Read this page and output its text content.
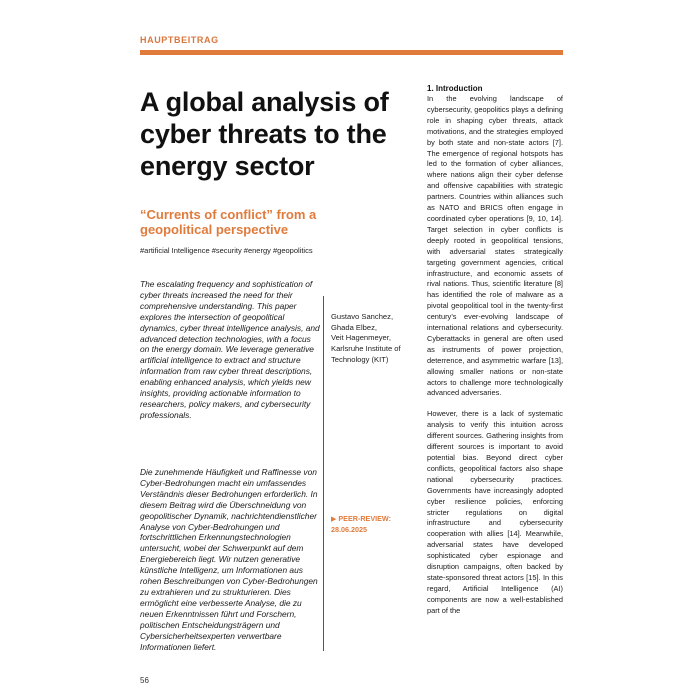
HAUPTBEITRAG
A global analysis of cyber threats to the energy sector
“Currents of conflict” from a geopolitical perspective
#artificial Intelligence #security #energy #geopolitics

The escalating frequency and sophistication of cyber threats increased the need for their comprehensive understanding. This paper explores the intersection of geopolitical dynamics, cyber threat intelligence analysis, and advanced detection technologies, with a focus on the energy domain. We leverage generative artificial intelligence to extract and structure information from raw cyber threat descriptions, enabling enhanced analysis, which yields new insights, providing actionable information to researchers, policy makers, and cybersecurity professionals.

Die zunehmende Häufigkeit und Raffinesse von Cyber-Bedrohungen macht ein umfassendes Verständnis dieser Bedrohungen erforderlich. In diesem Beitrag wird die Überschneidung von geopolitischer Dynamik, nachrichtendienstlicher Analyse von Cyber-Bedrohungen und fortschrittlichen Erkennungstechnologien untersucht, wobei der Schwerpunkt auf dem Energiebereich liegt. Wir nutzen generative künstliche Intelligenz, um Informationen aus rohen Beschreibungen von Cyber-Bedrohungen zu extrahieren und zu strukturieren. Dies ermöglicht eine verbesserte Analyse, die zu neuen Erkenntnissen führt und Forschern, politischen Entscheidungsträgern und Cybersicherheitsexperten verwertbare Informationen liefert.

Gustavo Sanchez,
Ghada Elbez,
Veit Hagenmeyer,
Karlsruhe Institute of Technology (KIT)
▶ PEER-REVIEW:
28.06.2025
1. Introduction

In the evolving landscape of cybersecurity, geopolitics plays a defining role in shaping cyber threats, attack motivations, and the strategies employed by both state and non-state actors [7]. The emergence of regional hotspots has led to the formation of cyber alliances, where nations align their cyber defense and offensive capabilities with strategic partners. Countries within alliances such as NATO and BRICS often engage in coordinated cyber operations [9, 10, 14]. Target selection in cyber conflicts is deeply rooted in geopolitical tensions, with adversarial states strategically targeting government agencies, critical infrastructure, and economic assets of rival nations. Thus, scientific literature [8] has identified the role of malware as a pivotal geopolitical tool in the twenty-first century’s ever-evolving landscape of international relations and cybersecurity. Cyberattacks in general are often used as instruments of power projection, deterrence, and asymmetric warfare [13], allowing smaller nations or non-state actors to challenge more technologically advanced adversaries.

However, there is a lack of systematic analysis to verify this intuition across different sources. Gathering insights from different sources is important to avoid potential bias. Beyond direct cyber conflicts, geopolitical factors also shape national cybersecurity practices. Governments have increasingly adopted cyber resilience policies, enforcing stricter regulations on digital infrastructure and cybersecurity cooperation with allies [14]. Meanwhile, adversarial states have developed sophisticated cyber espionage and disruption campaigns, often backed by state-sponsored threat actors [15]. In this regard, Artificial Intelligence (AI) components are now a well-established part of the

56
